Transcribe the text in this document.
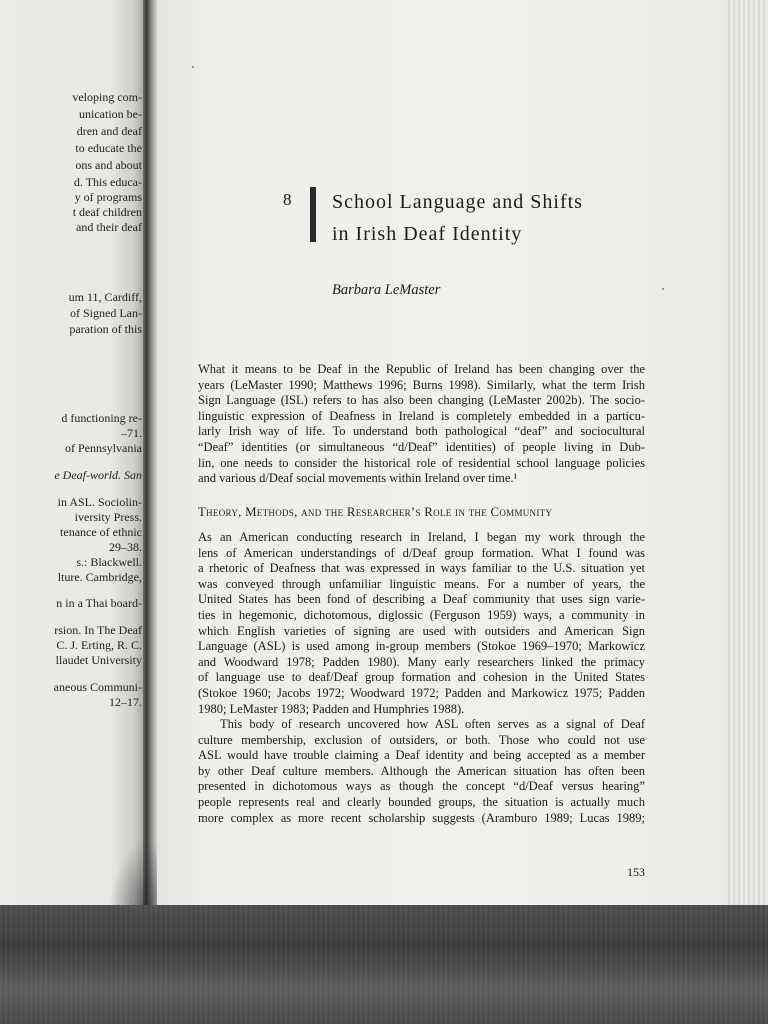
veloping com-
unication be-
dren and deaf
to educate the
ons and about
d. This educa-
y of programs
t deaf children
and their deaf
um 11, Cardiff,
of Signed Lan-
paration of this
d functioning re-
–71.
of Pennsylvania
e Deaf-world. San
in ASL. Sociolin-
iversity Press.
tenance of ethnic
29–38.
s.: Blackwell.
lture. Cambridge,
n in a Thai board-
rsion. In The Deaf
C. J. Erting, R. C.
llaudet University
aneous Communi-
12–17.
8 School Language and Shifts
in Irish Deaf Identity
Barbara LeMaster
What it means to be Deaf in the Republic of Ireland has been changing over the
years (LeMaster 1990; Matthews 1996; Burns 1998). Similarly, what the term Irish
Sign Language (ISL) refers to has also been changing (LeMaster 2002b). The socio-
linguistic expression of Deafness in Ireland is completely embedded in a particu-
larly Irish way of life. To understand both pathological “deaf” and sociocultural
“Deaf” identities (or simultaneous “d/Deaf” identities) of people living in Dub-
lin, one needs to consider the historical role of residential school language policies
and various d/Deaf social movements within Ireland over time.¹
As an American conducting research in Ireland, I began my work through the
lens of American understandings of d/Deaf group formation. What I found was
a rhetoric of Deafness that was expressed in ways familiar to the U.S. situation yet
was conveyed through unfamiliar linguistic means. For a number of years, the
United States has been fond of describing a Deaf community that uses sign varie-
ties in hegemonic, dichotomous, diglossic (Ferguson 1959) ways, a community in
which English varieties of signing are used with outsiders and American Sign
Language (ASL) is used among in-group members (Stokoe 1969–1970; Markowicz
and Woodward 1978; Padden 1980). Many early researchers linked the primacy
of language use to deaf/Deaf group formation and cohesion in the United States
(Stokoe 1960; Jacobs 1972; Woodward 1972; Padden and Markowicz 1975; Padden
1980; LeMaster 1983; Padden and Humphries 1988).
This body of research uncovered how ASL often serves as a signal of Deaf
culture membership, exclusion of outsiders, or both. Those who could not use
ASL would have trouble claiming a Deaf identity and being accepted as a member
by other Deaf culture members. Although the American situation has often been
presented in dichotomous ways as though the concept “d/Deaf versus hearing”
people represents real and clearly bounded groups, the situation is actually much
more complex as more recent scholarship suggests (Aramburo 1989; Lucas 1989;
Theory, Methods, and the Researcher’s Role in the Community
153
